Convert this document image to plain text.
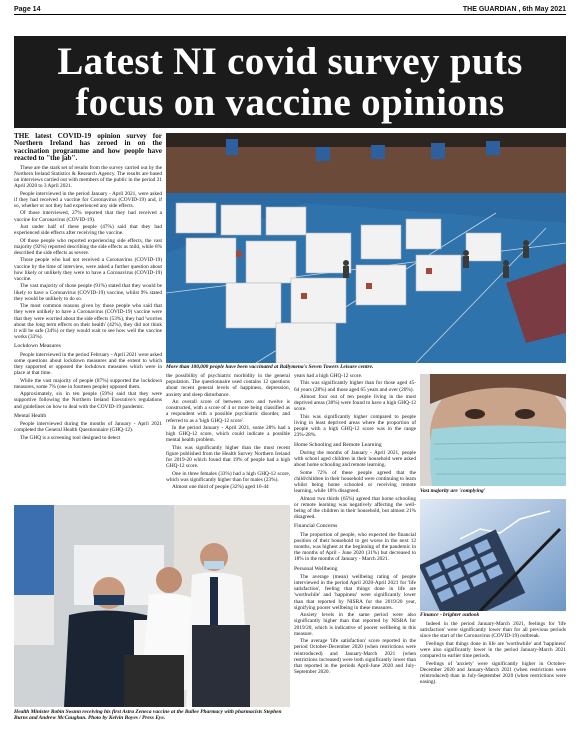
Page 14	THE GUARDIAN , 6th May 2021
Latest NI covid survey puts
focus on vaccine opinions

THE latest COVID-19 opinion survey for Northern Ireland has zeroed in on the vaccination programme and how people have reacted to "the jab".

These are the stark set of results from the survey carried out by the Northern Ireland Statistics & Research Agency. The results are based on interviews carried out with members of the public in the period 21 April 2020 to 3 April 2021.

People interviewed in the period January - April 2021, were asked if they had received a vaccine for Coronavirus (COVID-19) and, if so, whether or not they had experienced any side effects.

Of those interviewed, 27% reported that they had received a vaccine for Coronavirus (COVID-19).

Just under half of these people (47%) said that they had experienced side effects after receiving the vaccine.

Of those people who reported experiencing side effects, the vast majority (92%) reported describing the side effects as mild, while 8% described the side effects as severe.

Those people who had not received a Coronavirus (COVID-19) vaccine by the time of interview, were asked a further question about how likely or unlikely they were to have a Coronavirus (COVID-19) vaccine.

The vast majority of those people (91%) stated that they would be likely to have a Coronavirus (COVID-19) vaccine, whilst 9% stated they would be unlikely to do so.

The most common reasons given by those people who said that they were unlikely to have a Coronavirus (COVID-19) vaccine were that they were worried about the side effects (53%), they had 'worries about the long term effects on their health' (42%), they did not think it will be safe (34%) or they would wait to see how well the vaccine works (33%).

Lockdown Measures

People interviewed in the period February - April 2021 were asked some questions about lockdown measures and the extent to which they supported or opposed the lockdown measures which were in place at that time.

While the vast majority of people (87%) supported the lockdown measures, some 7% (one in fourteen people) opposed them.

Approximately, six in ten people (59%) said that they were supportive following the Northern Ireland Executive's regulations and guidelines on how to deal with the COVID-19 pandemic.

Mental Health

People interviewed during the months of January - April 2021 completed the General Health Questionnaire (GHQ-12).

The GHQ is a screening tool designed to detect

More than 100,000 people have been vaccinated at Ballymena's Seven Towers Leisure centre.

the possibility of psychiatric morbidity in the general population. The questionnaire used contains 12 questions about recent general levels of happiness, depression, anxiety and sleep disturbance.

An overall score of between zero and twelve is constructed, with a score of 4 or more being classified as a respondent with a possible psychiatric disorder, and referred to as a 'high GHQ-12 score'.

In the period January - April 2021, some 28% had a high GHQ-12 score, which could indicate a possible mental health problem.

This was significantly higher than the most recent figure published from the Health Survey Northern Ireland for 2019-20 which found that 19% of people had a high GHQ-12 score.

One in three females (33%) had a high GHQ-12 score, which was significantly higher than for males (23%).

Almost one third of people (32%) aged 16-44

years had a high GHQ-12 score.

This was significantly higher than for those aged 45-64 years (28%) and those aged 65 years and over (20%).

Almost four out of ten people living in the most deprived areas (38%) were found to have a high GHQ-12 score.

This was significantly higher compared to people living in least deprived areas where the proportion of people with a high GHQ-12 score was in the range 23%-28%.

Home Schooling and Remote Learning

During the months of January - April 2021, people with school aged children in their household were asked about home schooling and remote learning.

Some 72% of these people agreed that the child/children in their household were continuing to learn whilst being home schooled or receiving remote learning, while 18% disagreed.

Almost two thirds (65%) agreed that home schooling or remote learning was negatively affecting the well-being of the children in their household, but almost 21% disagreed.

Financial Concerns

The proportion of people, who expected the financial position of their household to get worse in the next 12 months, was highest at the beginning of the pandemic in the months of April - June 2020 (31%) but decreased to 18% in the months of January - March 2021.

Personal Wellbeing

The average (mean) wellbeing rating of people interviewed in the period April 2020-April 2021 for 'life satisfaction', feeling that things done in life are 'worthwhile' and 'happiness' were significantly lower than that reported by NISRA for the 2019/20 year, signifying poorer wellbeing in these measures.

Anxiety levels in the same period were also significantly higher than that reported by NISRA for 2019/20, which is indicative of poorer wellbeing in this measure.

The average 'life satisfaction' score reported in the period October-December 2020 (when restrictions were reintroduced) and January-March 2021 (when restrictions increased) were both significantly lower than that reported in the periods April-June 2020 and July-September 2020.

Vast majority are 'complying'
Finance - brighter outlook

Indeed in the period January-March 2021, feelings for 'life satisfaction' were significantly lower than for all previous periods since the start of the Coronavirus (COVID-19) outbreak.

Feelings that things done in life are 'worthwhile' and 'happiness' were also significantly lower in the period January-March 2021 compared to earlier time periods.

Feelings of 'anxiety' were significantly higher in October-December 2020 and January-March 2021 (when restrictions were reintroduced) than in July-September 2020 (when restrictions were easing).

Health Minister Robin Swann receiving his first Astra Zeneca vaccine at the Ballee Pharmacy with pharmacists Stephen Burns and Andrew McCaughan. Photo by Kelvin Boyes / Press Eye.
